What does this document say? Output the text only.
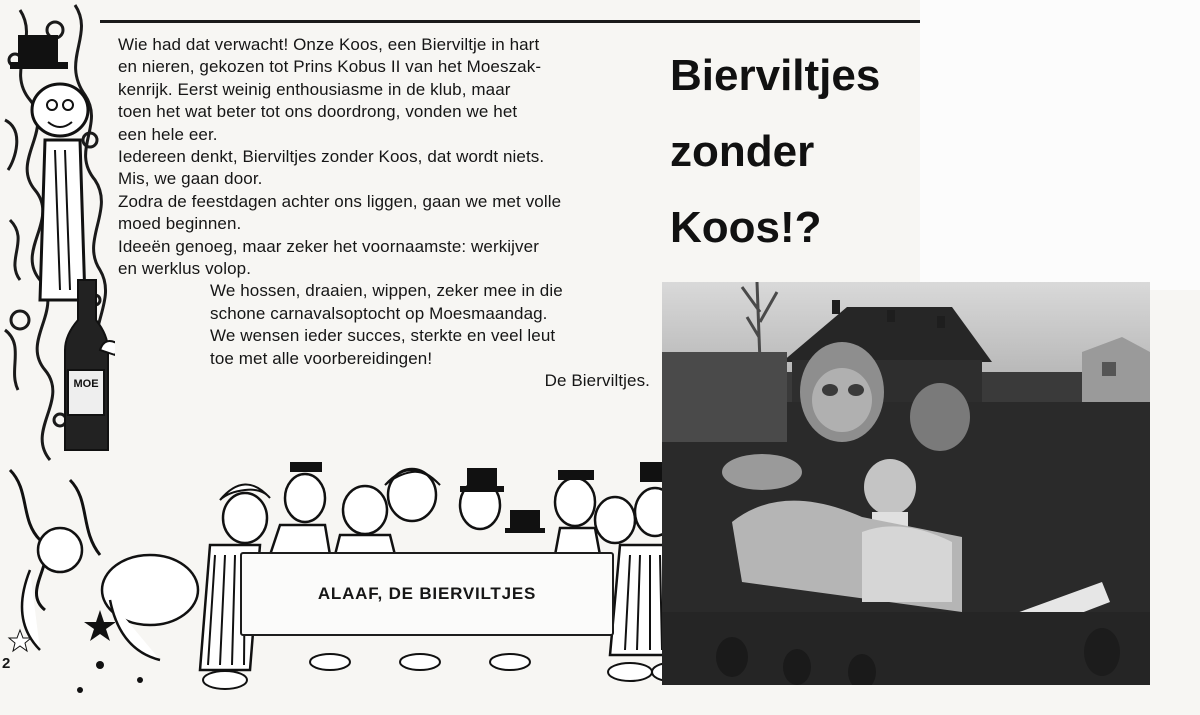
MOE

Wie had dat verwacht! Onze Koos, een Bierviltje in hart

en nieren, gekozen tot Prins Kobus II van het Moeszak-

kenrijk. Eerst weinig enthousiasme in de klub, maar

toen het wat beter tot ons doordrong, vonden we het

een hele eer.

Iedereen denkt, Bierviltjes zonder Koos, dat wordt niets.

Mis, we gaan door.

Zodra de feestdagen achter ons liggen, gaan we met volle

moed beginnen.

Ideeën genoeg, maar zeker het voornaamste: werkijver

en werklus volop.

We hossen, draaien, wippen, zeker mee in die

schone carnavalsoptocht op Moesmaandag.

We wensen ieder succes, sterkte en veel leut

toe met alle voorbereidingen!

De Bierviltjes.

Bierviltjes
zonder
Koos!?
ALAAF, DE BIERVILTJES
2
